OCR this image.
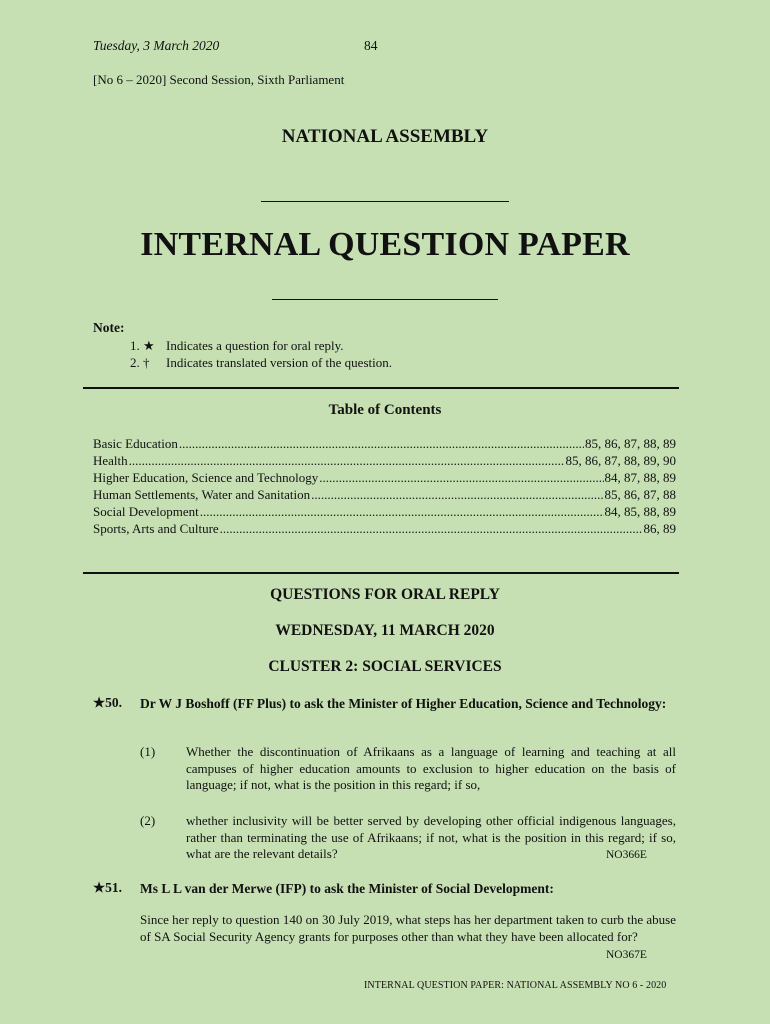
Tuesday, 3 March 2020	84
[No 6 – 2020] Second Session, Sixth Parliament
NATIONAL ASSEMBLY
INTERNAL QUESTION PAPER
Note:
1. ★ Indicates a question for oral reply.
2. † Indicates translated version of the question.
Table of Contents
Basic Education .....	85, 86, 87, 88, 89
Health .....	85, 86, 87, 88, 89, 90
Higher Education, Science and Technology .....	84, 87, 88, 89
Human Settlements, Water and Sanitation .....	85, 86, 87, 88
Social Development .....	84, 85, 88, 89
Sports, Arts and Culture .....	86, 89
QUESTIONS FOR ORAL REPLY
WEDNESDAY, 11 MARCH 2020
CLUSTER 2: SOCIAL SERVICES
★50. Dr W J Boshoff (FF Plus) to ask the Minister of Higher Education, Science and Technology:
(1) Whether the discontinuation of Afrikaans as a language of learning and teaching at all campuses of higher education amounts to exclusion to higher education on the basis of language; if not, what is the position in this regard; if so,
(2) whether inclusivity will be better served by developing other official indigenous languages, rather than terminating the use of Afrikaans; if not, what is the position in this regard; if so, what are the relevant details?	NO366E
★51. Ms L L van der Merwe (IFP) to ask the Minister of Social Development:
Since her reply to question 140 on 30 July 2019, what steps has her department taken to curb the abuse of SA Social Security Agency grants for purposes other than what they have been allocated for?
NO367E
INTERNAL QUESTION PAPER: NATIONAL ASSEMBLY NO 6 - 2020
